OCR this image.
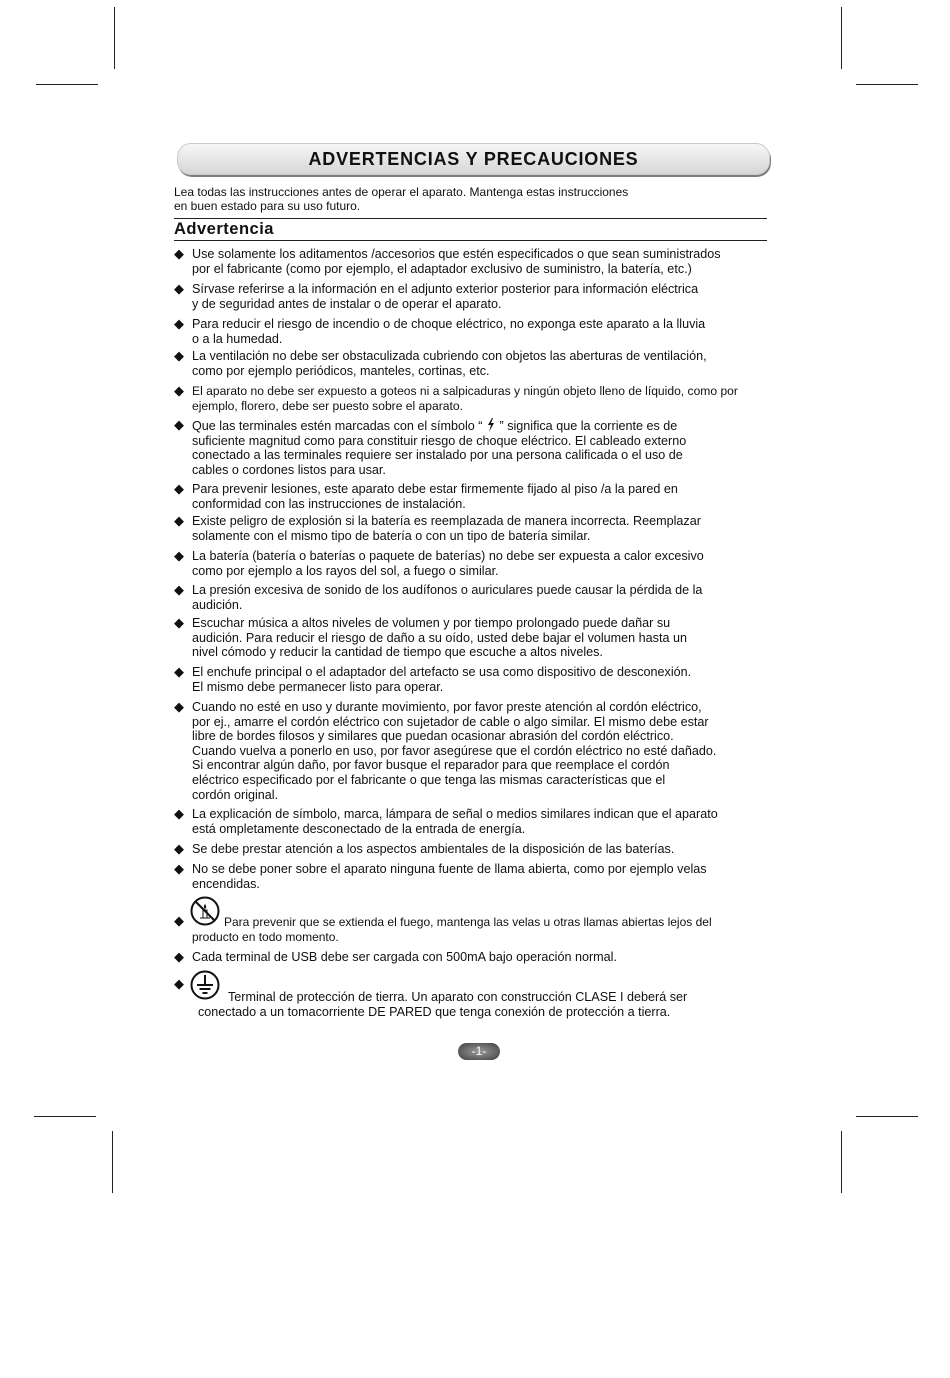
ADVERTENCIAS Y PRECAUCIONES
Lea todas las instrucciones antes de operar el aparato. Mantenga estas instrucciones
en buen estado para su uso futuro.
Advertencia
◆ Use solamente los aditamentos /accesorios que estén especificados o que sean suministrados
por el fabricante (como por ejemplo, el adaptador exclusivo de suministro, la batería, etc.)
◆ Sírvase referirse a la información en el adjunto exterior posterior para información eléctrica
y de seguridad antes de instalar o de operar el aparato.
◆ Para reducir el riesgo de incendio o de choque eléctrico, no exponga este aparato a la lluvia
o a la humedad.
◆ La ventilación no debe ser obstaculizada cubriendo con objetos las aberturas de ventilación,
como por ejemplo periódicos, manteles, cortinas, etc.
◆ El aparato no debe ser expuesto a goteos ni a salpicaduras y ningún objeto lleno de líquido, como por
ejemplo, florero, debe ser puesto sobre el aparato.
◆ Que las terminales estén marcadas con el símbolo “  ” significa que la corriente es de
suficiente magnitud como para constituir riesgo de choque eléctrico. El cableado externo
conectado a las terminales requiere ser instalado por una persona calificada o el uso de
cables o cordones listos para usar.
◆ Para prevenir lesiones, este aparato debe estar firmemente fijado al piso /a la pared en
conformidad con las instrucciones de instalación.
◆ Existe peligro de explosión si la batería es reemplazada de manera incorrecta. Reemplazar
solamente con el mismo tipo de batería o con un tipo de batería similar.
◆ La batería (batería o baterías o paquete de baterías) no debe ser expuesta a calor excesivo
como por ejemplo a los rayos del sol, a fuego o similar.
◆ La presión excesiva de sonido de los audífonos o auriculares puede causar la pérdida de la
audición.
◆ Escuchar música a altos niveles de volumen y por tiempo prolongado puede dañar su
audición. Para reducir el riesgo de daño a su oído, usted debe bajar el volumen hasta un
nivel cómodo y reducir la cantidad de tiempo que escuche a altos niveles.
◆ El enchufe principal o el adaptador del artefacto se usa como dispositivo de desconexión.
El mismo debe permanecer listo para operar.
◆ Cuando no esté en uso y durante movimiento, por favor preste atención al cordón eléctrico,
por ej., amarre el cordón eléctrico con sujetador de cable o algo similar. El mismo debe estar
libre de bordes filosos y similares que puedan ocasionar abrasión del cordón eléctrico.
Cuando vuelva a ponerlo en uso, por favor asegúrese que el cordón eléctrico no esté dañado.
Si encontrar algún daño, por favor busque el reparador para que reemplace el cordón
eléctrico especificado por el fabricante o que tenga las mismas características que el
cordón original.
◆ La explicación de símbolo, marca, lámpara de señal o medios similares indican que el aparato
está ompletamente desconectado de la entrada de energía.
◆ Se debe prestar atención a los aspectos ambientales de la disposición de las baterías.
◆ No se debe poner sobre el aparato ninguna fuente de llama abierta, como por ejemplo velas
encendidas.
◆	Para prevenir que se extienda el fuego, mantenga las velas u otras llamas abiertas lejos del
producto en todo momento.
◆ Cada terminal de USB debe ser cargada con 500mA bajo operación normal.
◆
Terminal de protección de tierra. Un aparato con construcción CLASE I deberá ser
conectado a un tomacorriente DE PARED que tenga conexión de protección a tierra.
-1-
